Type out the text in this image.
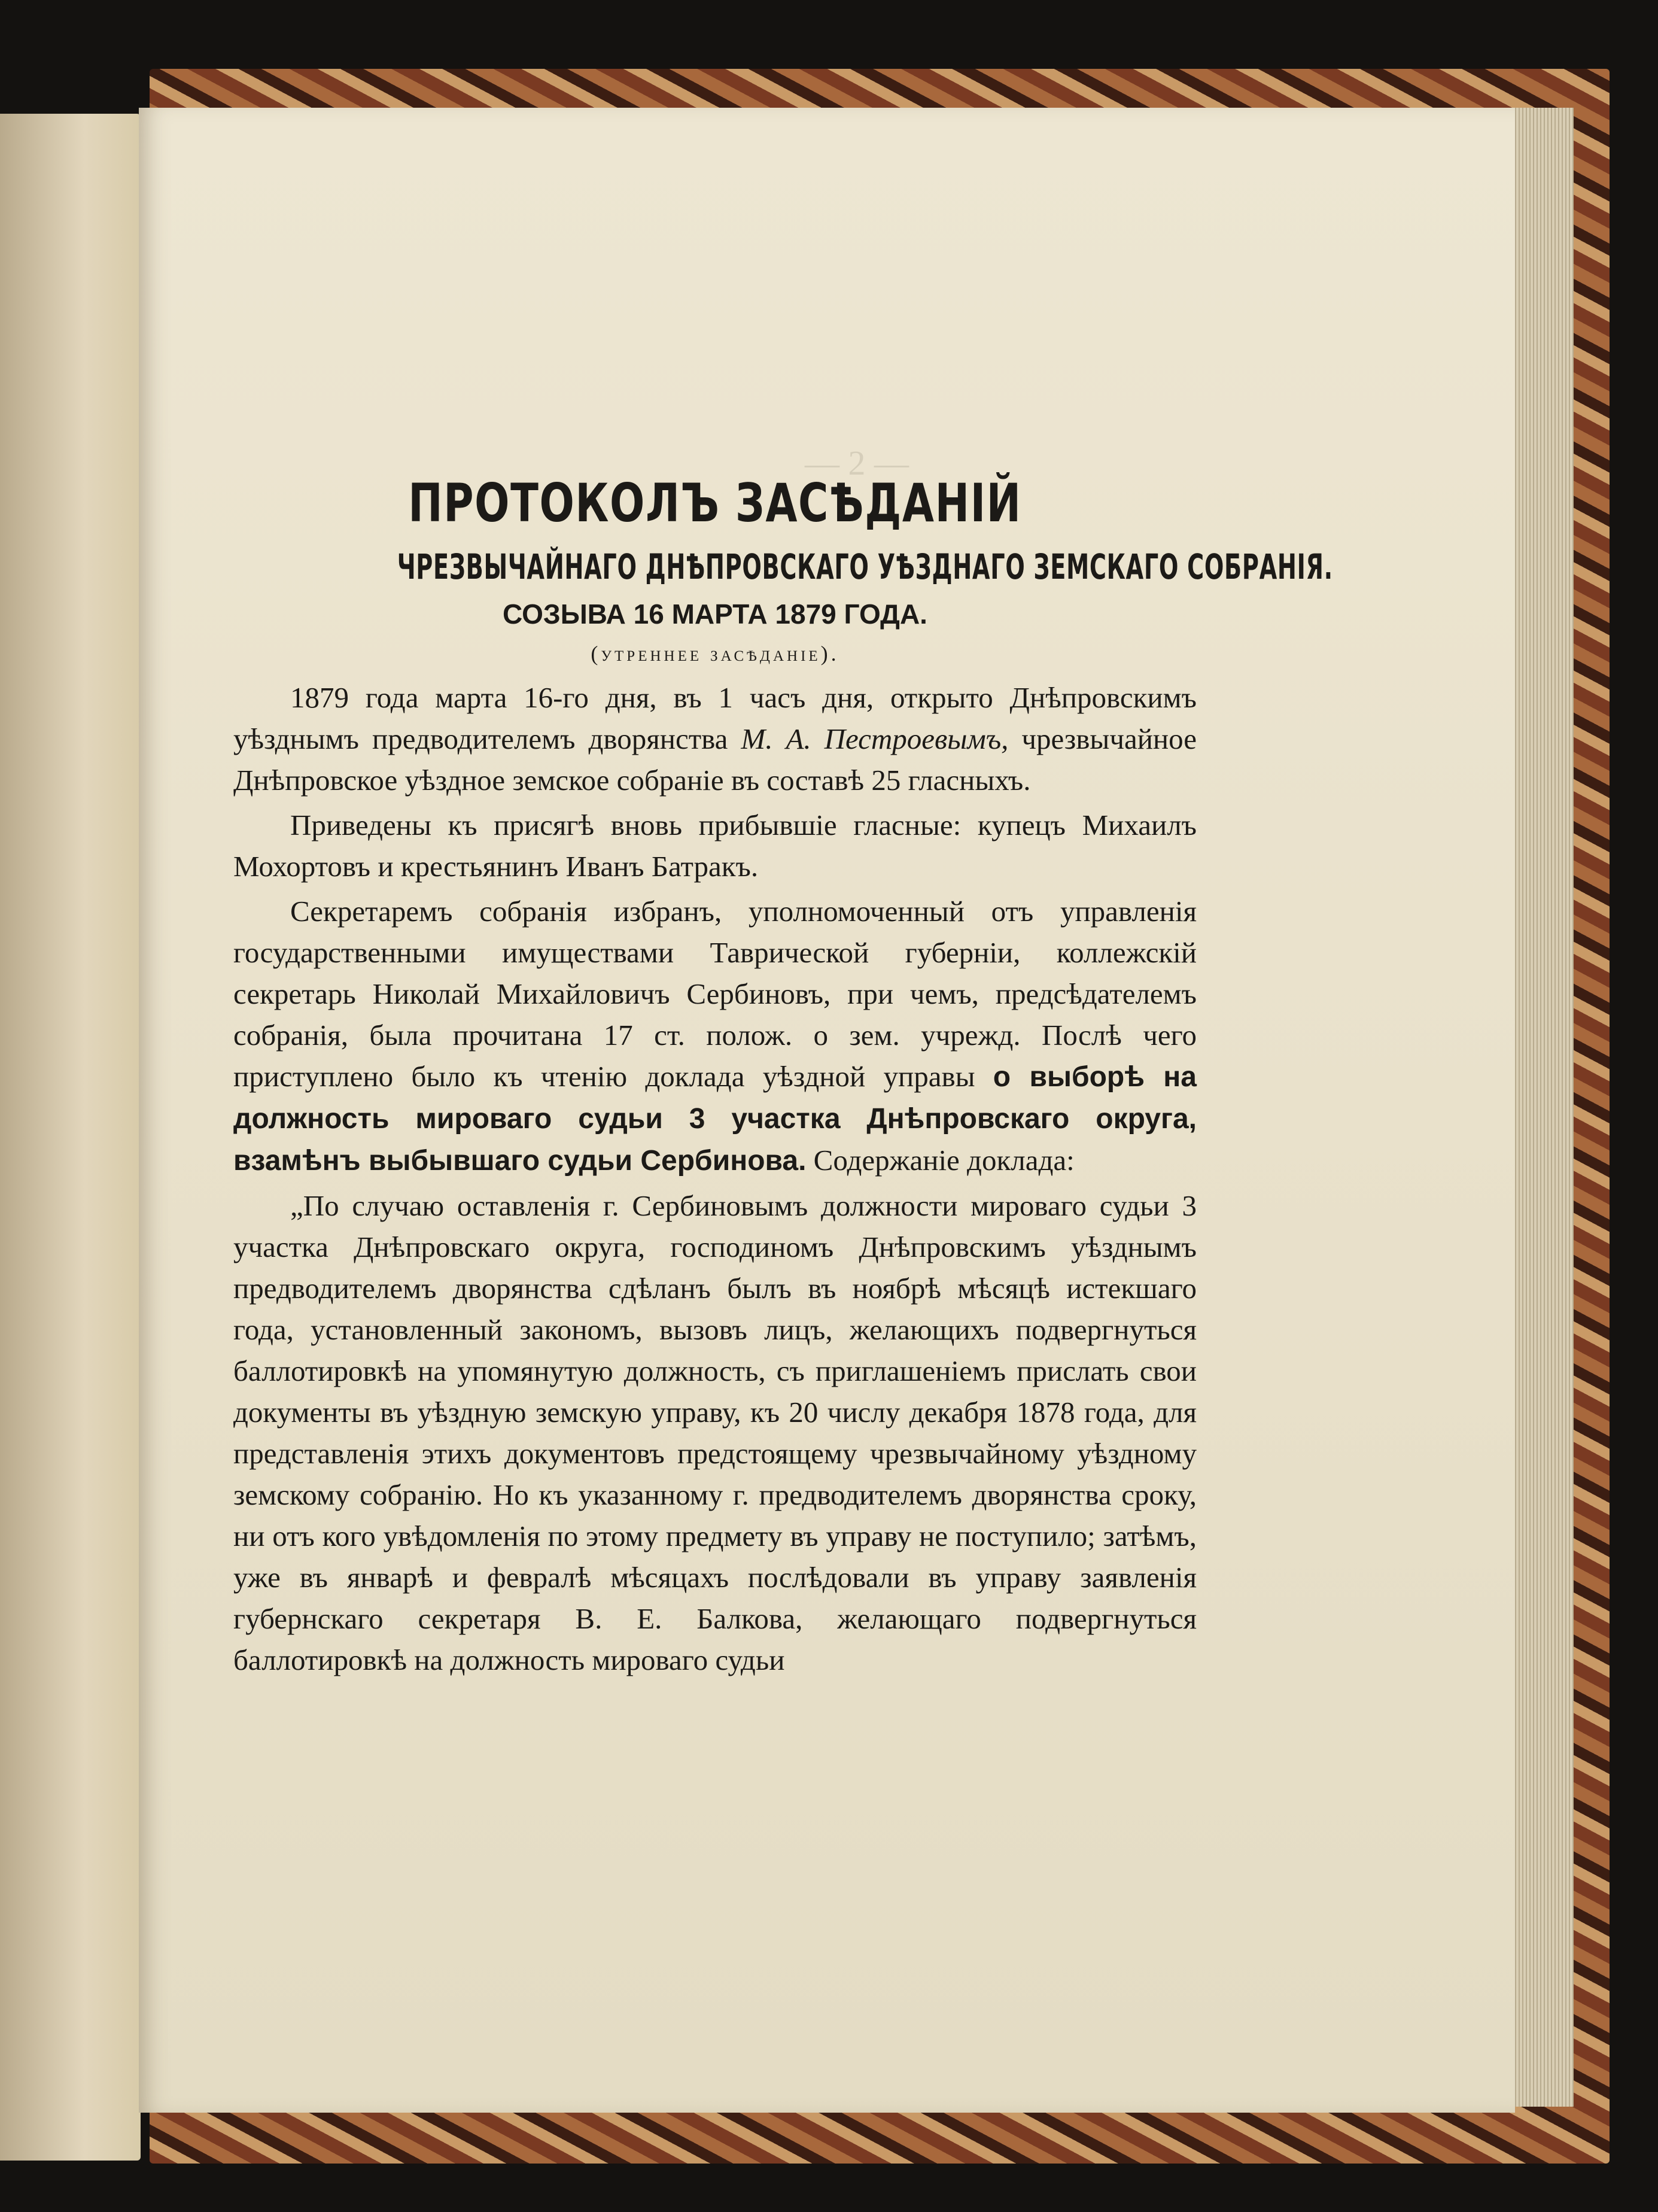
— 2 —
ПРОТОКОЛЪ ЗАСѢДАНІЙ
ЧРЕЗВЫЧАЙНАГО ДНѢПРОВСКАГО УѢЗДНАГО ЗЕМСКАГО СОБРАНІЯ.
СОЗЫВА 16 МАРТА 1879 ГОДА.
(утреннее засѣданіе).

1879 года марта 16-го дня, въ 1 часъ дня, открыто Днѣпровскимъ уѣзднымъ предводителемъ дворянства М. А. Пестроевымъ, чрезвычайное Днѣпровское уѣздное земское собраніе въ составѣ 25 гласныхъ.

Приведены къ присягѣ вновь прибывшіе гласные: купецъ Михаилъ Мохортовъ и крестьянинъ Иванъ Батракъ.

Секретаремъ собранія избранъ, уполномоченный отъ управленія государственными имуществами Таврической губерніи, коллежскій секретарь Николай Михайловичъ Сербиновъ, при чемъ, предсѣдателемъ собранія, была прочитана 17 ст. полож. о зем. учрежд. Послѣ чего приступлено было къ чтенію доклада уѣздной управы о выборѣ на должность мироваго судьи 3 участка Днѣпровскаго округа, взамѣнъ выбывшаго судьи Сербинова. Содержаніе доклада:

„По случаю оставленія г. Сербиновымъ должности мироваго судьи 3 участка Днѣпровскаго округа, господиномъ Днѣпровскимъ уѣзднымъ предводителемъ дворянства сдѣланъ былъ въ ноябрѣ мѣсяцѣ истекшаго года, установленный закономъ, вызовъ лицъ, желающихъ подвергнуться баллотировкѣ на упомянутую должность, съ приглашеніемъ прислать свои документы въ уѣздную земскую управу, къ 20 числу декабря 1878 года, для представленія этихъ документовъ предстоящему чрезвычайному уѣздному земскому собранію. Но къ указанному г. предводителемъ дворянства сроку, ни отъ кого увѣдомленія по этому предмету въ управу не поступило; затѣмъ, уже въ январѣ и февралѣ мѣсяцахъ послѣдовали въ управу заявленія губернскаго секретаря В. Е. Балкова, желающаго подвергнуться баллотировкѣ на должность мироваго судьи
